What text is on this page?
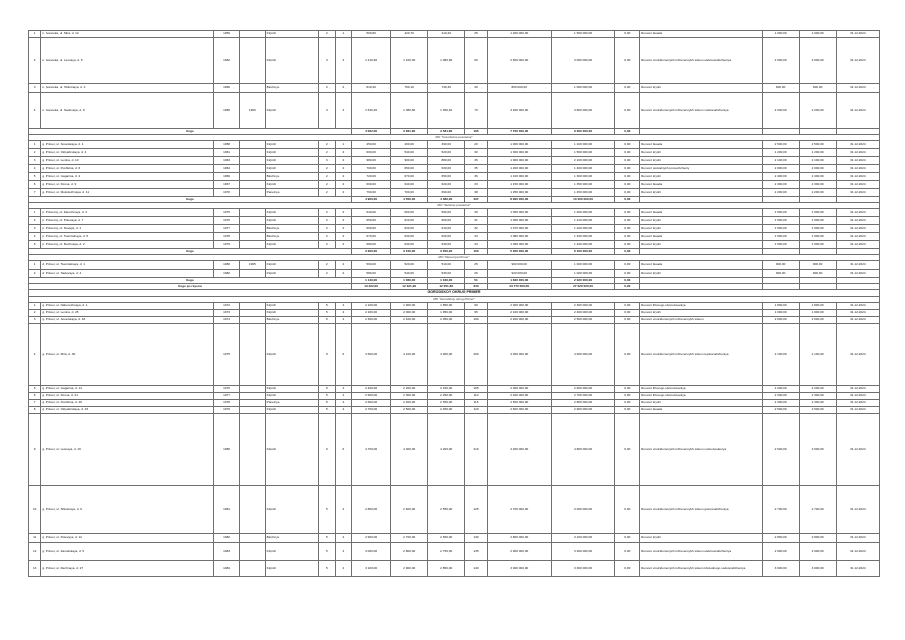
1	п. Ivanovka, ul. Mira, d. 12	1959		Kirpich	2	1	500,80	420,70	410,20	25	1 200 000,00	1 500 000,00	0,00	Remont fasada	1 000,00	1 000,00	31.12.2024
2	п. Ivanovka, ul. Lesnaya, d. 5	1962		Kirpich	3	3	1 210,60	1 100,30	1 080,90	60	2 500 000,00	3 000 000,00	0,00	Remont vnutridomovykh inzhenernykh sistem elektrosnabzheniya	2 000,00	2 000,00	31.12.2024
3	п. Ivanovka, ul. Shkolnaya, d. 3	1960		Blochnye	2	2	810,40	760,10	740,30	40	800 000,00	1 000 000,00	0,00	Remont kryshi	600,00	600,00	31.12.2024
4	п. Ivanovka, ul. Sadovaya, d. 8	1965	1990	Kirpich	3	3	1 540,20	1 380,80	1 350,40	70	3 200 000,00	3 800 000,00	0,00	Remont vnutridomovykh inzhenernykh sistem vodosnabzheniya	2 200,00	2 200,00	31.12.2024
Itogo							4 062,00	3 661,90	3 581,80	195	7 700 000,00	9 300 000,00	0,00				
MO "Gorodskoe poselenie"																	
1	g. Primer, ul. Sovetskaya, d. 1	1958		Kirpich	2	1	450,00	400,00	390,00	20	1 000 000,00	1 100 000,00	0,00	Remont fasada	2 500,00	2 500,00	31.12.2024
2	g. Primer, ul. Oktyabrskaya, d. 4	1961		Kirpich	2	2	600,00	540,00	520,00	30	1 300 000,00	1 500 000,00	0,00	Remont kryshi	1 200,00	1 200,00	31.12.2024
3	g. Primer, ul. Lenina, d. 10	1963		Kirpich	3	2	980,00	900,00	880,00	45	1 900 000,00	2 100 000,00	0,00	Remont kryshi	2 100,00	2 100,00	31.12.2024
4	g. Primer, ul. Pushkina, d. 6	1964		Kirpich	2	2	700,00	650,00	630,00	35	1 200 000,00	1 400 000,00	0,00	Remont podvalnykh pomeshcheniy	2 000,00	2 000,00	31.12.2024
5	g. Primer, ul. Gagarina, d. 2	1966		Blochnye	2	2	720,00	670,00	650,00	36	1 100 000,00	1 300 000,00	0,00	Remont kryshi	2 400,00	2 400,00	31.12.2024
6	g. Primer, ul. Kirova, d. 9	1967		Kirpich	2	2	690,00	640,00	620,00	33	1 150 000,00	1 350 000,00	0,00	Remont fasada	2 300,00	2 300,00	31.12.2024
7	g. Primer, ul. Molodezhnaya, d. 11	1970		Panelnye	2	2	760,00	700,00	690,00	38	1 250 000,00	1 450 000,00	0,00	Remont kryshi	2 200,00	2 200,00	31.12.2024
Itogo							4 900,00	4 500,00	4 380,00	237	8 900 000,00	10 200 000,00	0,00				
MO "Selskoe poselenie"																	
1	p. Primerny, ul. Zarechnaya, d. 3	1975		Kirpich	2	2	640,00	600,00	590,00	30	1 050 000,00	1 200 000,00	0,00	Remont fasada	1 500,00	1 500,00	31.12.2024
2	p. Primerny, ul. Polevaya, d. 7	1976		Kirpich	2	2	650,00	610,00	600,00	31	1 060 000,00	1 210 000,00	0,00	Remont kryshi	1 500,00	1 500,00	31.12.2024
3	p. Primerny, ul. Novaya, d. 1	1977		Blochnye	2	2	660,00	620,00	610,00	32	1 070 000,00	1 220 000,00	0,00	Remont kryshi	1 500,00	1 500,00	31.12.2024
4	p. Primerny, ul. Tsentralnaya, d. 5	1978		Blochnye	2	2	670,00	630,00	620,00	33	1 080 000,00	1 230 000,00	0,00	Remont fasada	1 500,00	1 500,00	31.12.2024
5	p. Primerny, ul. Rechnaya, d. 2	1979		Kirpich	2	2	680,00	640,00	630,00	34	1 090 000,00	1 240 000,00	0,00	Remont kryshi	1 500,00	1 500,00	31.12.2024
Itogo							3 300,00	3 100,00	3 050,00	160	5 350 000,00	6 100 000,00	0,00				
MO "Derevnya Primer"																	
1	d. Primer, ul. Tsentralnaya, d. 1	1980	1995	Kirpich	2	2	560,00	520,00	510,00	25	900 000,00	1 000 000,00	0,00	Remont fasada	900,00	900,00	31.12.2024
2	d. Primer, ul. Sadovaya, d. 4	1982		Kirpich	2	2	580,00	540,00	530,00	26	920 000,00	1 020 000,00	0,00	Remont kryshi	900,00	900,00	31.12.2024
Itogo							1 140,00	1 060,00	1 040,00	51	1 820 000,00	2 020 000,00	0,00				
Itogo po rayonu							13 402,00	12 321,90	12 051,80	643	23 770 000,00	27 620 000,00	0,00				
GORODSKOY OKRUG PRIMER																	
MO "Gorodskoy okrug Primer"																	
1	g. Primer, ul. Naberezhnaya, d. 1	1972		Kirpich	5	4	2 100,00	1 900,00	1 850,00	90	2 000 000,00	2 300 000,00	0,00	Remont liftovogo oborudovaniya	1 800,00	1 800,00	31.12.2024
2	g. Primer, ul. Lenina, d. 25	1973		Kirpich	5	4	2 200,00	2 000,00	1 950,00	95	2 100 000,00	2 400 000,00	0,00	Remont kryshi	1 900,00	1 900,00	31.12.2024
3	g. Primer, ul. Sovetskaya, d. 18	1974		Blochnye	5	4	2 300,00	2 100,00	2 050,00	100	2 200 000,00	2 500 000,00	0,00	Remont vnutridomovykh inzhenernykh sistem	2 000,00	2 000,00	31.12.2024
4	g. Primer, ul. Mira, d. 30	1975		Kirpich	9	6	4 500,00	4 100,00	4 000,00	200	4 000 000,00	4 600 000,00	0,00	Remont vnutridomovykh inzhenernykh sistem teplosnabzheniya	2 100,00	2 100,00	31.12.2024
5	g. Primer, ul. Gagarina, d. 14	1976		Kirpich	5	4	2 400,00	2 200,00	2 150,00	105	2 300 000,00	2 600 000,00	0,00	Remont liftovogo oborudovaniya	2 200,00	2 200,00	31.12.2024
6	g. Primer, ul. Kirova, d. 21	1977		Kirpich	5	4	2 500,00	2 300,00	2 250,00	110	2 400 000,00	2 700 000,00	0,00	Remont liftovogo oborudovaniya	2 300,00	2 300,00	31.12.2024
7	g. Primer, ul. Pushkina, d. 40	1978		Panelnye	5	4	2 600,00	2 400,00	2 350,00	115	2 500 000,00	2 800 000,00	0,00	Remont kryshi	2 400,00	2 400,00	31.12.2024
8	g. Primer, ul. Oktyabrskaya, d. 33	1979		Kirpich	5	4	2 700,00	2 500,00	2 450,00	120	2 600 000,00	2 900 000,00	0,00	Remont fasada	2 500,00	2 500,00	31.12.2024
9	g. Primer, ul. Lesnaya, d. 16	1980		Kirpich	9	6	4 700,00	4 300,00	4 200,00	210	4 200 000,00	4 800 000,00	0,00	Remont vnutridomovykh inzhenernykh sistem vodootvedeniya	2 600,00	2 600,00	31.12.2024
10	g. Primer, ul. Shkolnaya, d. 9	1981		Kirpich	5	4	2 800,00	2 600,00	2 550,00	125	2 700 000,00	3 000 000,00	0,00	Remont vnutridomovykh inzhenernykh sistem gazosnabzheniya	2 700,00	2 700,00	31.12.2024
11	g. Primer, ul. Polevaya, d. 12	1982		Blochnye	5	4	2 900,00	2 700,00	2 650,00	130	2 800 000,00	3 100 000,00	0,00	Remont kryshi	2 800,00	2 800,00	31.12.2024
12	g. Primer, ul. Zavodskaya, d. 5	1983		Kirpich	5	4	3 000,00	2 800,00	2 750,00	135	2 900 000,00	3 200 000,00	0,00	Remont vnutridomovykh inzhenernykh sistem elektrosnabzheniya	2 900,00	2 900,00	31.12.2024
13	g. Primer, ul. Rechnaya, d. 27	1984		Kirpich	5	4	3 100,00	2 900,00	2 850,00	140	3 000 000,00	3 300 000,00	0,00	Remont vnutridomovykh inzhenernykh sistem kholodnogo vodosnabzheniya	3 000,00	3 000,00	31.12.2024
